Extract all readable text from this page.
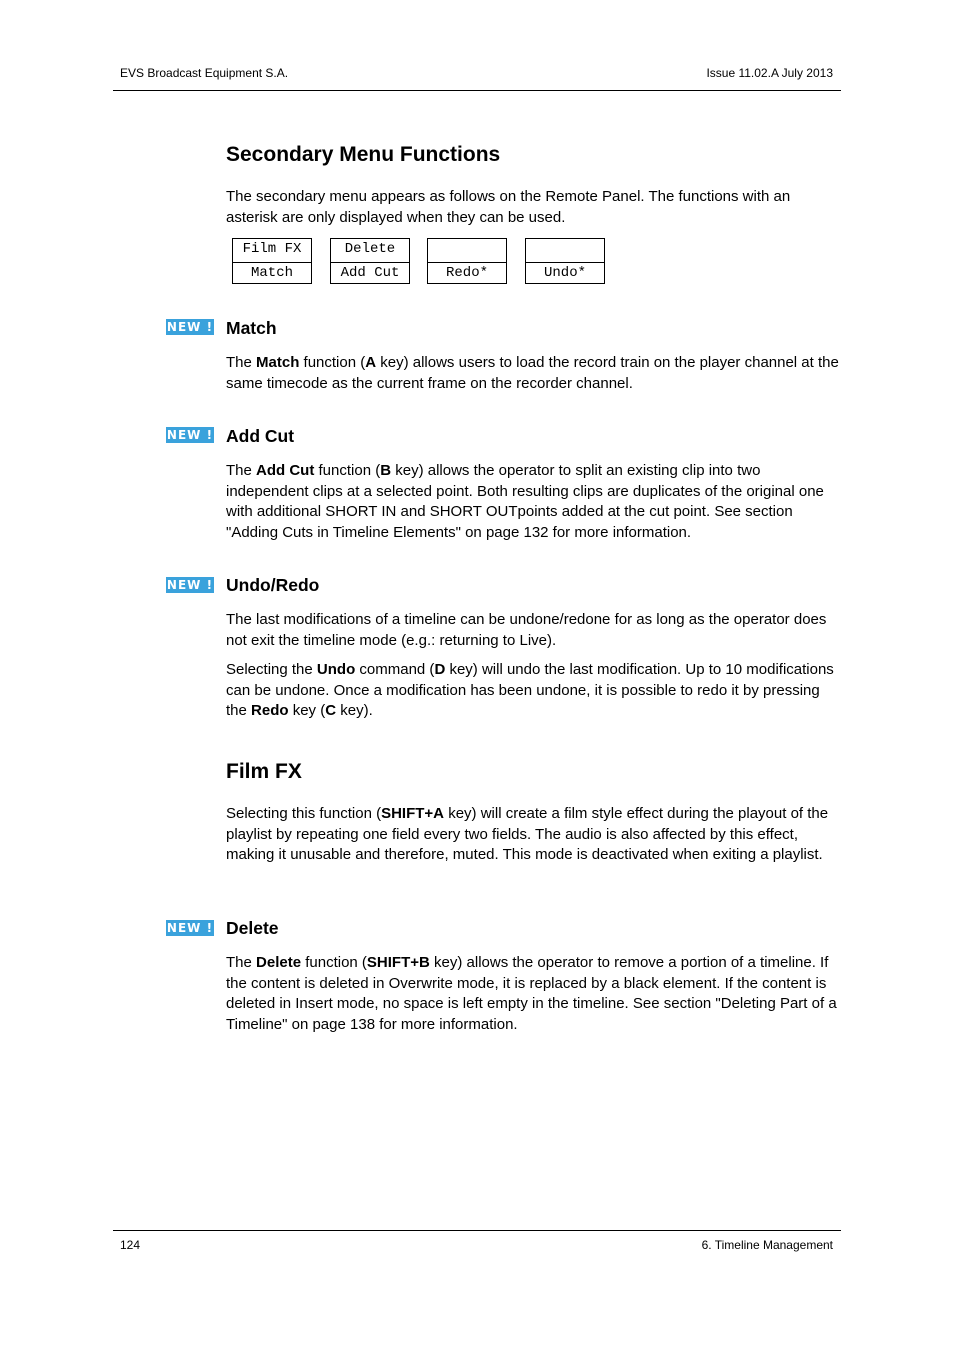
EVS Broadcast Equipment S.A.	Issue 11.02.A July 2013
Secondary Menu Functions

The secondary menu appears as follows on the Remote Panel. The functions with an asterisk are only displayed when they can be used.

Film FX
Match
Delete
Add Cut	Redo*	Undo*
NEW ! Match

The Match function (A key) allows users to load the record train on the player channel at the same timecode as the current frame on the recorder channel.

NEW ! Add Cut

The Add Cut function (B key) allows the operator to split an existing clip into two independent clips at a selected point. Both resulting clips are duplicates of the original one with additional SHORT IN and SHORT OUTpoints added at the cut point. See section "Adding Cuts in Timeline Elements" on page 132 for more information.

NEW ! Undo/Redo

The last modifications of a timeline can be undone/redone for as long as the operator does not exit the timeline mode (e.g.: returning to Live).

Selecting the Undo command (D key) will undo the last modification. Up to 10 modifications can be undone. Once a modification has been undone, it is possible to redo it by pressing the Redo key (C key).

Film FX

Selecting this function (SHIFT+A key) will create a film style effect during the playout of the playlist by repeating one field every two fields. The audio is also affected by this effect, making it unusable and therefore, muted. This mode is deactivated when exiting a playlist.

NEW ! Delete

The Delete function (SHIFT+B key) allows the operator to remove a portion of a timeline. If the content is deleted in Overwrite mode, it is replaced by a black element. If the content is deleted in Insert mode, no space is left empty in the timeline. See section "Deleting Part of a Timeline" on page 138 for more information.

124	6. Timeline Management
